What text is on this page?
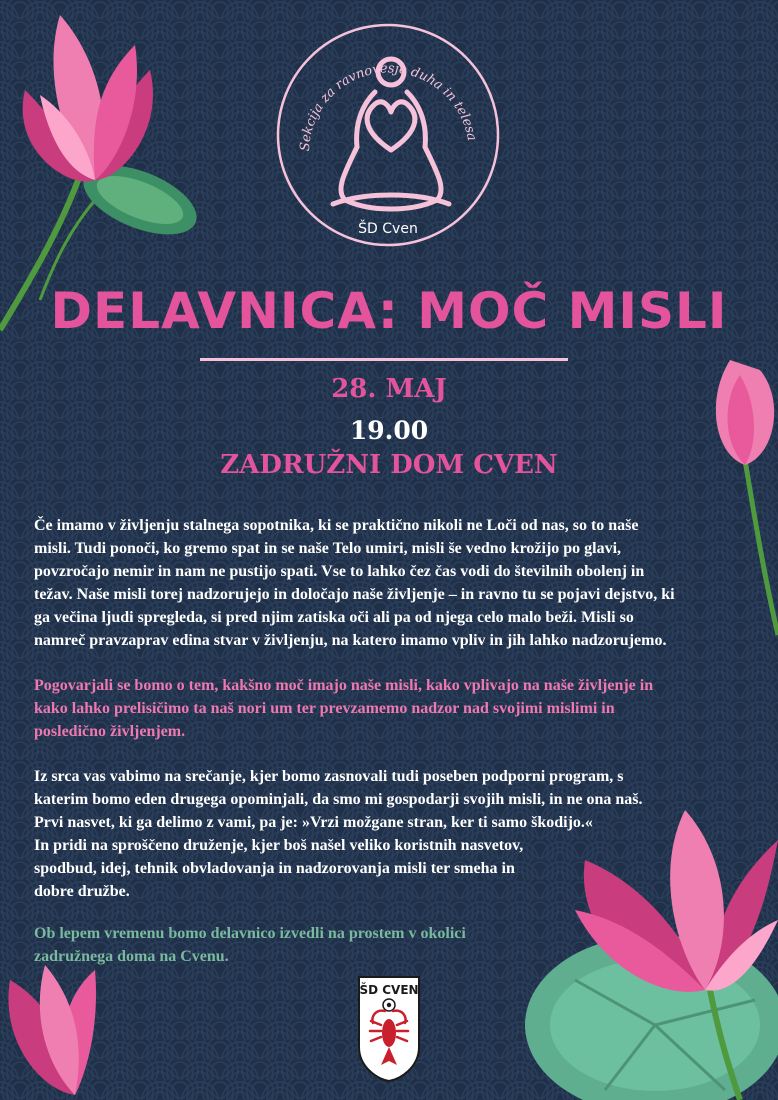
Sekcija za ravnovesje duha in telesa
ŠD Cven
DELAVNICA: MOČ MISLI
28. MAJ
19.00
ZADRUŽNI DOM CVEN

Če imamo v življenju stalnega sopotnika, ki se praktično nikoli ne Loči od nas, so to naše
misli. Tudi ponoči, ko gremo spat in se naše Telo umiri, misli še vedno krožijo po glavi,
povzročajo nemir in nam ne pustijo spati. Vse to lahko čez čas vodi do številnih obolenj in
težav. Naše misli torej nadzorujejo in določajo naše življenje – in ravno tu se pojavi dejstvo, ki
ga večina ljudi spregleda, si pred njim zatiska oči ali pa od njega celo malo beži. Misli so
namreč pravzaprav edina stvar v življenju, na katero imamo vpliv in jih lahko nadzorujemo.

Pogovarjali se bomo o tem, kakšno moč imajo naše misli, kako vplivajo na naše življenje in
kako lahko prelisičimo ta naš nori um ter prevzamemo nadzor nad svojimi mislimi in
posledično življenjem.

Iz srca vas vabimo na srečanje, kjer bomo zasnovali tudi poseben podporni program, s
katerim bomo eden drugega opominjali, da smo mi gospodarji svojih misli, in ne ona naš.
Prvi nasvet, ki ga delimo z vami, pa je: »Vrzi možgane stran, ker ti samo škodijo.«
In pridi na sproščeno druženje, kjer boš našel veliko koristnih nasvetov,
spodbud, idej, tehnik obvladovanja in nadzorovanja misli ter smeha in
dobre družbe.

Ob lepem vremenu bomo delavnico izvedli na prostem v okolici
zadružnega doma na Cvenu.

ŠD CVEN
